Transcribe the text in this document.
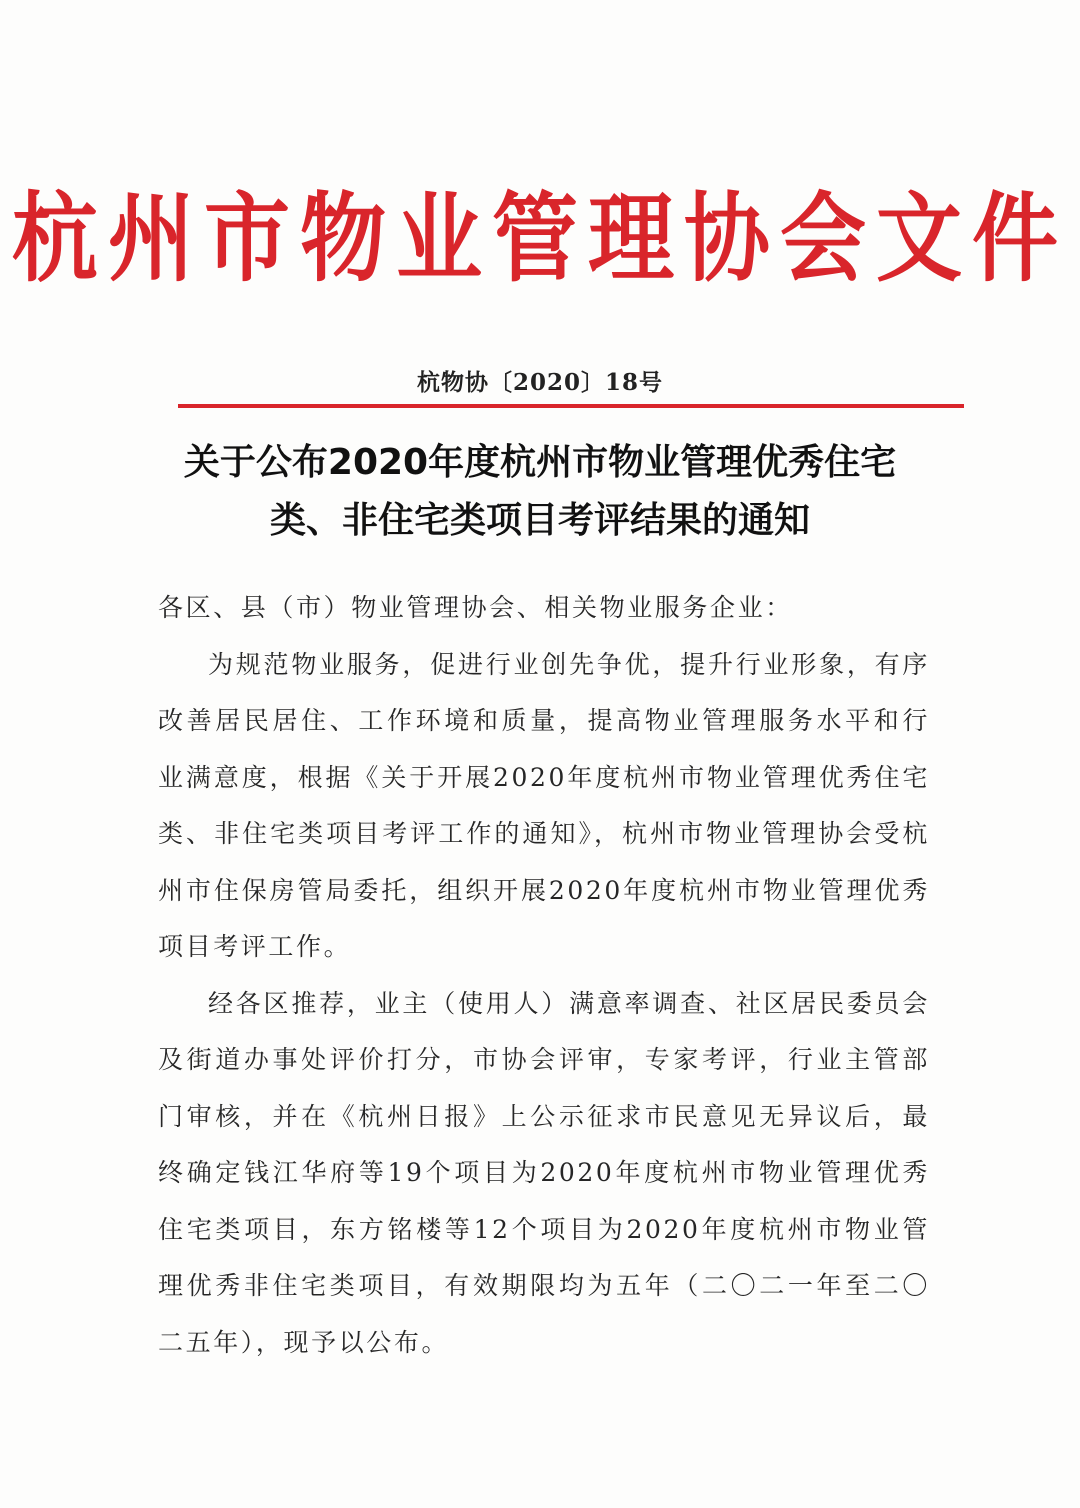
杭州市物业管理协会文件
杭物协〔2020〕18号
关于公布2020年度杭州市物业管理优秀住宅
类、非住宅类项目考评结果的通知
各区、县（市）物业管理协会、相关物业服务企业：

为规范物业服务，促进行业创先争优，提升行业形象，有序改善居民居住、工作环境和质量，提高物业管理服务水平和行业满意度，根据《关于开展2020年度杭州市物业管理优秀住宅类、非住宅类项目考评工作的通知》，杭州市物业管理协会受杭州市住保房管局委托，组织开展2020年度杭州市物业管理优秀项目考评工作。

经各区推荐，业主（使用人）满意率调查、社区居民委员会及街道办事处评价打分，市协会评审，专家考评，行业主管部门审核，并在《杭州日报》上公示征求市民意见无异议后，最终确定钱江华府等19个项目为2020年度杭州市物业管理优秀住宅类项目，东方铭楼等12个项目为2020年度杭州市物业管理优秀非住宅类项目，有效期限均为五年（二〇二一年至二〇二五年），现予以公布。
